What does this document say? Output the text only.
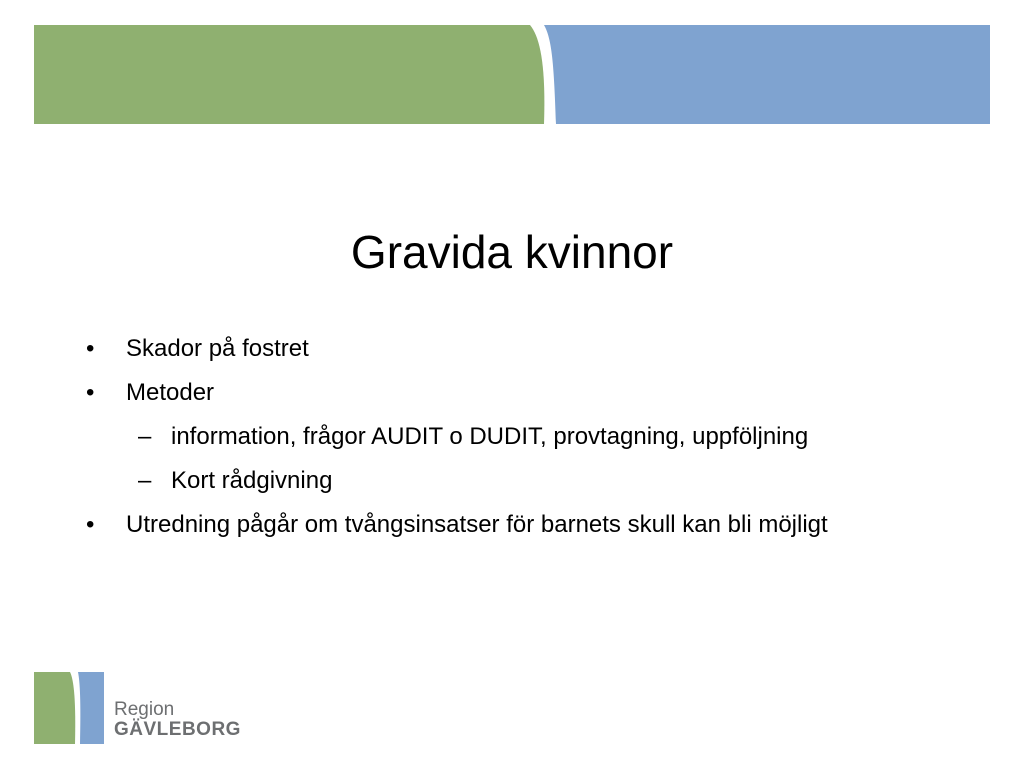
Gravida kvinnor
•	Skador på fostret
•	Metoder
– information, frågor AUDIT o DUDIT, provtagning, uppföljning
– Kort rådgivning
•	Utredning pågår om tvångsinsatser för barnets skull kan bli möjligt
Region
GÄVLEBORG
